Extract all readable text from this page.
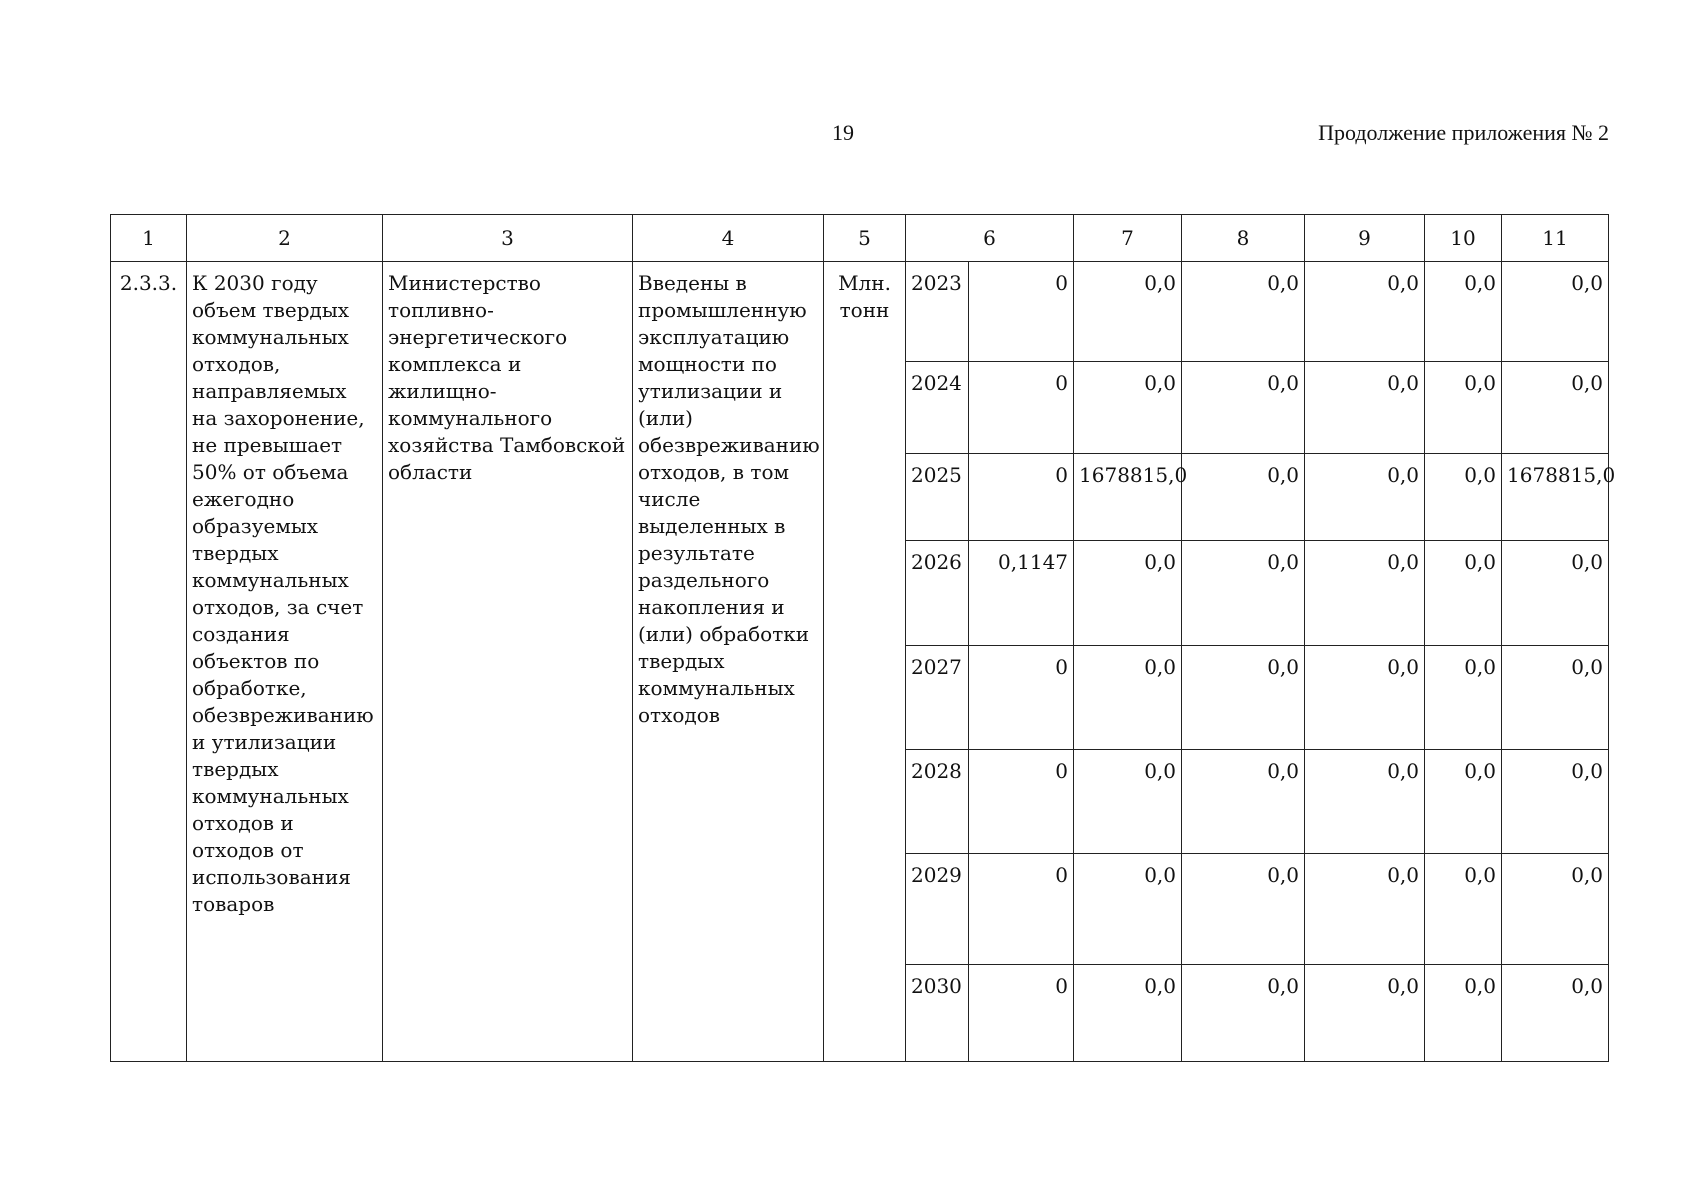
19	Продолжение приложения № 2
1	2	3	4	5	6		7	8	9	10	11
2.3.3.	К 2030 году объем твердых коммунальных отходов, направляемых на захоронение, не превышает 50% от объема ежегодно образуемых твердых коммунальных отходов, за счет создания объектов по обработке, обезвреживанию и утилизации твердых коммунальных отходов и отходов от использования товаров	Министерство топливно-энергетического комплекса и жилищно-коммунального хозяйства Тамбовской области	Введены в промышленную эксплуатацию мощности по утилизации и (или) обезвреживанию отходов, в том числе выделенных в результате раздельного накопления и (или) обработки твердых коммунальных отходов	Млн. тонн	2023	0	0,0	0,0	0,0	0,0	0,0
					2024	0	0,0	0,0	0,0	0,0	0,0
					2025	0	1678815,0	0,0	0,0	0,0	1678815,0
					2026	0,1147	0,0	0,0	0,0	0,0	0,0
					2027	0	0,0	0,0	0,0	0,0	0,0
					2028	0	0,0	0,0	0,0	0,0	0,0
					2029	0	0,0	0,0	0,0	0,0	0,0
					2030	0	0,0	0,0	0,0	0,0	0,0
